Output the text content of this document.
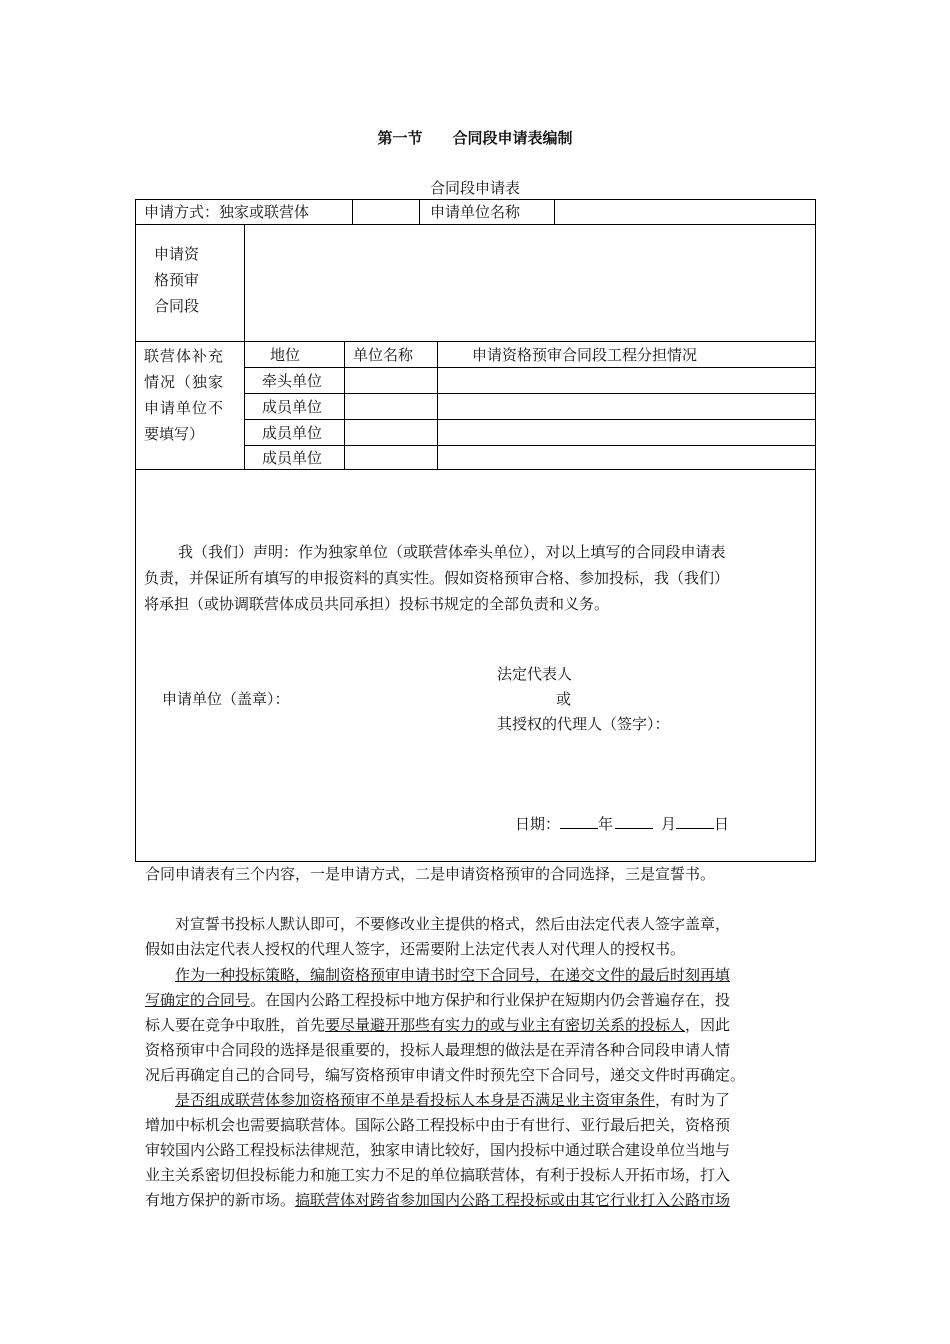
第一节 合同段申请表编制
合同段申请表
申请方式：独家或联营体	申请单位名称
申请资
格预审
合同段
联营体补充
情况（独家
申请单位不
要填写）
地位	单位名称	申请资格预审合同段工程分担情况
牵头单位
成员单位
成员单位
成员单位
我（我们）声明：作为独家单位（或联营体牵头单位），对以上填写的合同段申请表
负责，并保证所有填写的申报资料的真实性。假如资格预审合格、参加投标，我（我们）
将承担（或协调联营体成员共同承担）投标书规定的全部负责和义务。
申请单位（盖章）：
法定代表人
或
其授权的代理人（签字）：
日期：	年	月	日

合同申请表有三个内容，一是申请方式，二是申请资格预审的合同选择，三是宣誓书。

对宣誓书投标人默认即可，不要修改业主提供的格式，然后由法定代表人签字盖章，

假如由法定代表人授权的代理人签字，还需要附上法定代表人对代理人的授权书。

作为一种投标策略，编制资格预审申请书时空下合同号，在递交文件的最后时刻再填

写确定的合同号。在国内公路工程投标中地方保护和行业保护在短期内仍会普遍存在，投

标人要在竞争中取胜，首先要尽量避开那些有实力的或与业主有密切关系的投标人，因此

资格预审中合同段的选择是很重要的，投标人最理想的做法是在弄清各种合同段申请人情

况后再确定自己的合同号，编写资格预审申请文件时预先空下合同号，递交文件时再确定。

是否组成联营体参加资格预审不单是看投标人本身是否满足业主资审条件，有时为了

增加中标机会也需要搞联营体。国际公路工程投标中由于有世行、亚行最后把关，资格预

审较国内公路工程投标法律规范，独家申请比较好，国内投标中通过联合建设单位当地与

业主关系密切但投标能力和施工实力不足的单位搞联营体，有利于投标人开拓市场，打入

有地方保护的新市场。搞联营体对跨省参加国内公路工程投标或由其它行业打入公路市场
